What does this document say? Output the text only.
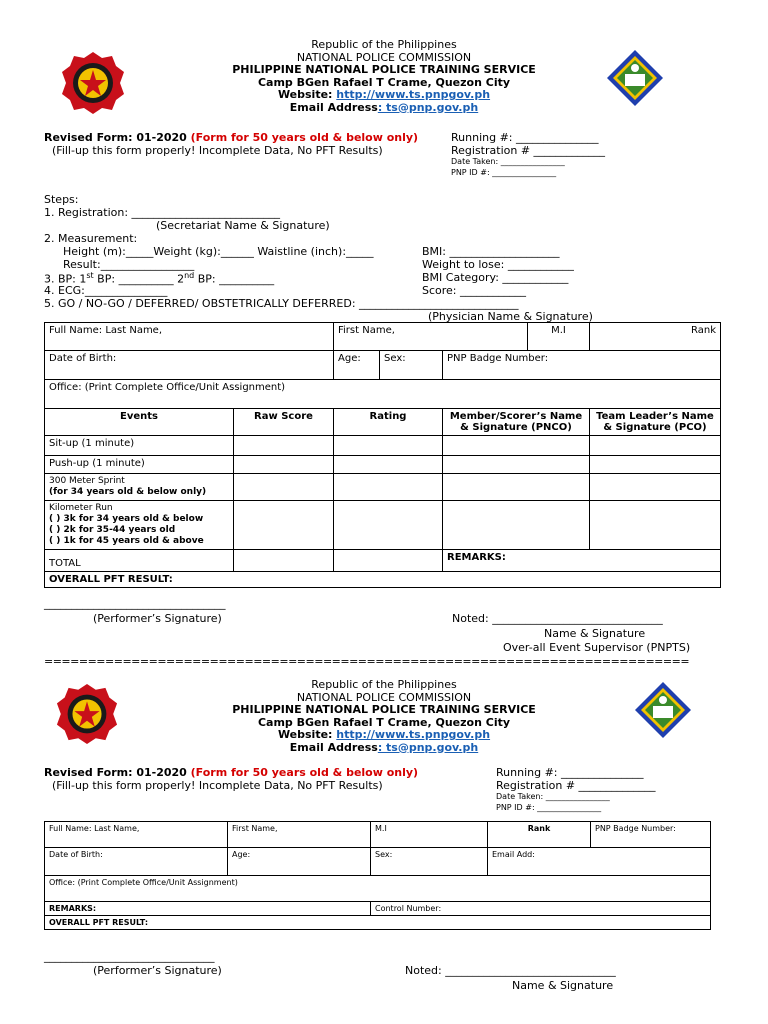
Republic of the Philippines
NATIONAL POLICE COMMISSION
PHILIPPINE NATIONAL POLICE TRAINING SERVICE
Camp BGen Rafael T Crame, Quezon City
Website: http://www.ts.pnpgov.ph
Email Address: ts@pnp.gov.ph
Revised Form: 01-2020 (Form for 50 years old & below only)
(Fill-up this form properly! Incomplete Data, No PFT Results)
Running #: _______________
Registration # _____________
Date Taken: ________________
PNP ID #: ________________
Steps:
1. Registration: ___________________________
(Secretariat Name & Signature)
2. Measurement:
Height (m):_____Weight (kg):______ Waistline (inch):_____
Result:_________________
BMI: ____________________
Weight to lose: ____________
3. BP: 1st BP: __________ 2nd BP: __________	BMI Category: ____________
4. ECG:_______________	Score: ____________
5. GO / NO-GO / DEFERRED/ OBSTETRICALLY DEFERRED: _____________________________
(Physician Name & Signature)
Full Name: Last Name,		First Name,			M.I	Rank
Date of Birth:		Age:	Sex:	PNP Badge Number:		
Office: (Print Complete Office/Unit Assignment)						
Events	Raw Score	Rating		Member/Scorer’s Name & Signature (PNCO)		Team Leader’s Name & Signature (PCO)
Sit-up (1 minute)						
Push-up (1 minute)						

300 Meter Sprint
(for 34 years old & below only)						

Kilometer Run
( ) 3k for 34 years old & below
( ) 2k for 35-44 years old
( ) 1k for 45 years old & above						

TOTAL				REMARKS:		
OVERALL PFT RESULT:						
_________________________________
(Performer’s Signature)	Noted: _______________________________
Name & Signature
Over-all Event Supervisor (PNPTS)
==========================================================================
Republic of the Philippines
NATIONAL POLICE COMMISSION
PHILIPPINE NATIONAL POLICE TRAINING SERVICE
Camp BGen Rafael T Crame, Quezon City
Website: http://www.ts.pnpgov.ph
Email Address: ts@pnp.gov.ph
Revised Form: 01-2020 (Form for 50 years old & below only)
(Fill-up this form properly! Incomplete Data, No PFT Results)
Running #: _______________
Registration # ______________
Date Taken: ________________
PNP ID #: ________________
Full Name: Last Name,	First Name,	M.I	Rank	PNP Badge Number:
Date of Birth:	Age:	Sex:	Email Add:	
Office: (Print Complete Office/Unit Assignment)				
REMARKS:		Control Number:		
OVERALL PFT RESULT:				
_______________________________
(Performer’s Signature)	Noted: _______________________________
Name & Signature
